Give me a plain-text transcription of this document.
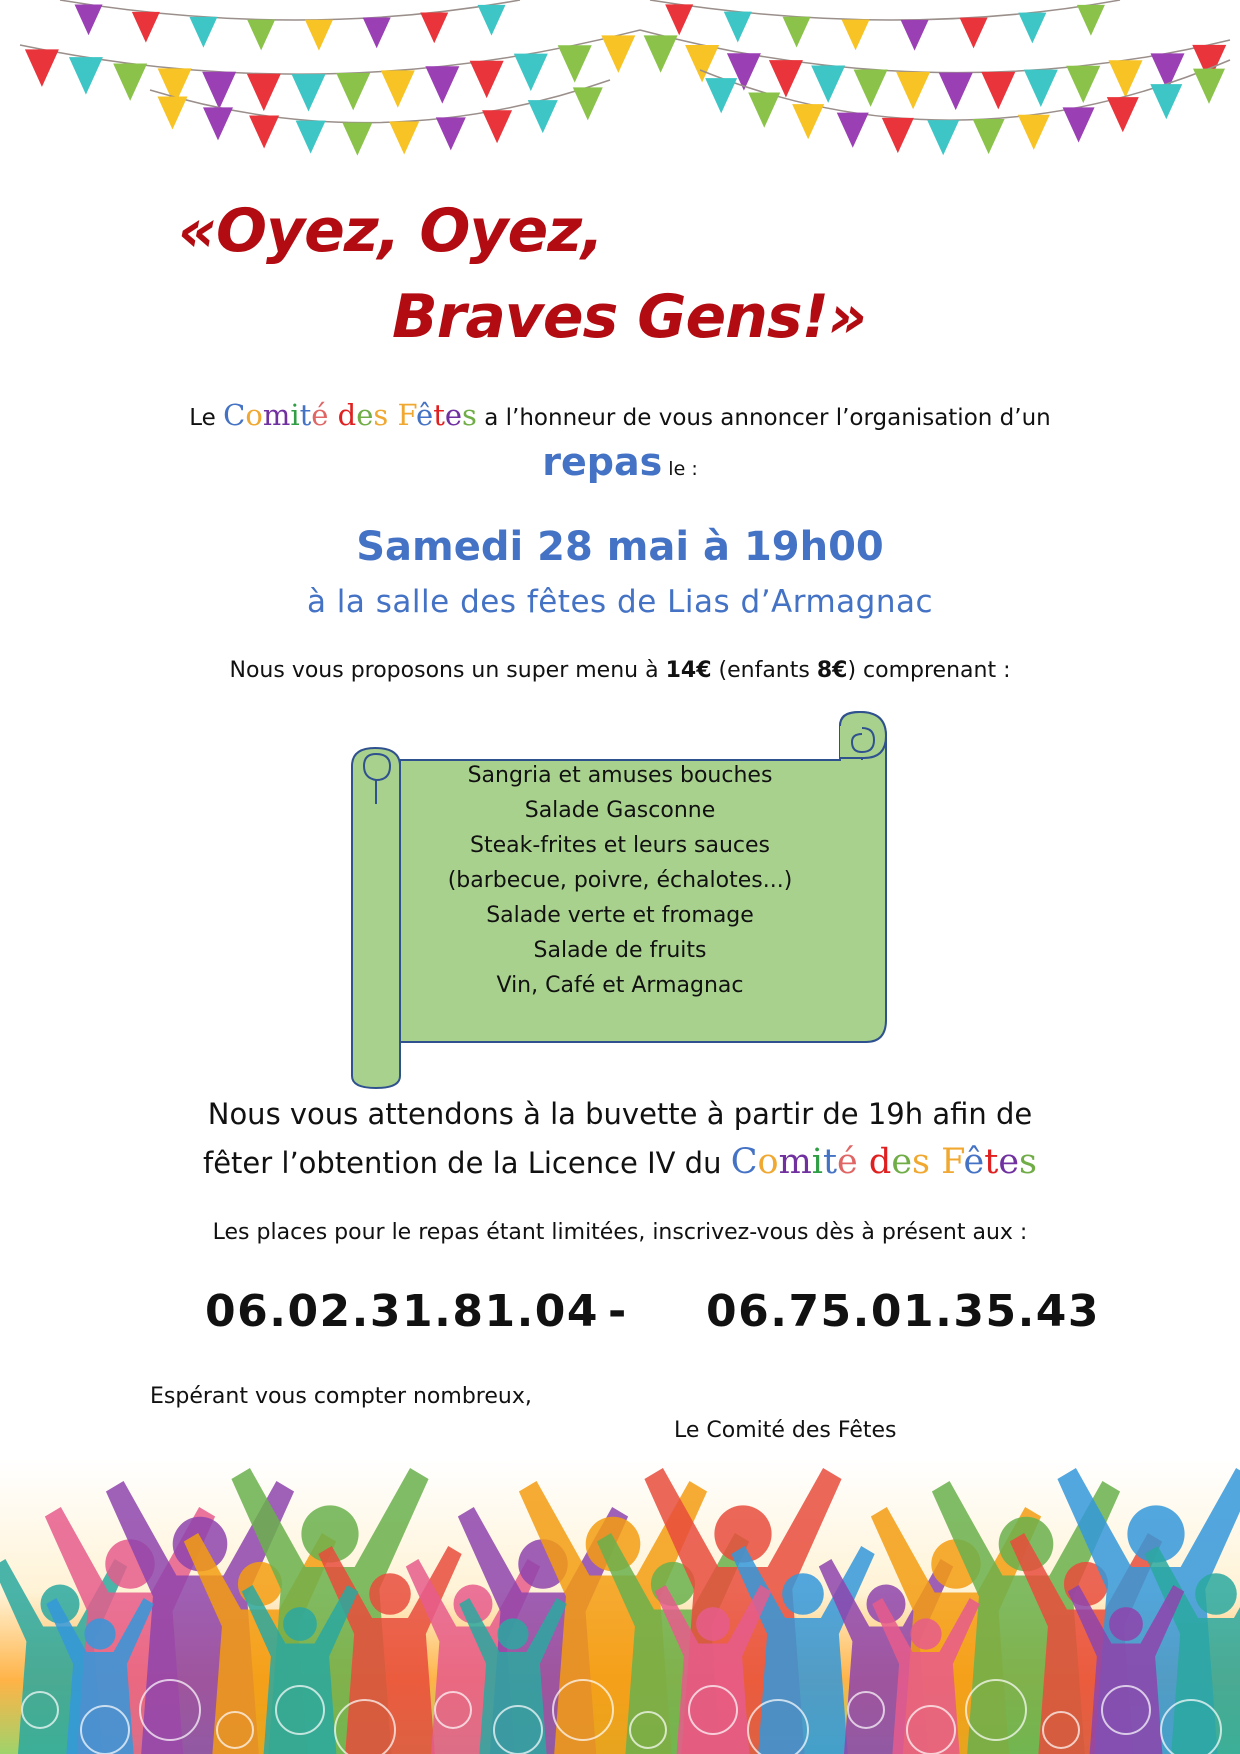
«Oyez, Oyez,
Braves Gens!»
Le Comité des Fêtes a l’honneur de vous annoncer l’organisation d’un
repas le :
Samedi 28 mai à 19h00
à la salle des fêtes de Lias d’Armagnac
Nous vous proposons un super menu à 14€ (enfants 8€) comprenant :
Sangria et amuses bouches
Salade Gasconne
Steak-frites et leurs sauces
(barbecue, poivre, échalotes...)
Salade verte et fromage
Salade de fruits
Vin, Café et Armagnac
Nous vous attendons à la buvette à partir de 19h afin de
fêter l’obtention de la Licence IV du Comité des Fêtes
Les places pour le repas étant limitées, inscrivez-vous dès à présent aux :
06.02.31.81.04 - 06.75.01.35.43
Espérant vous compter nombreux,
Le Comité des Fêtes
